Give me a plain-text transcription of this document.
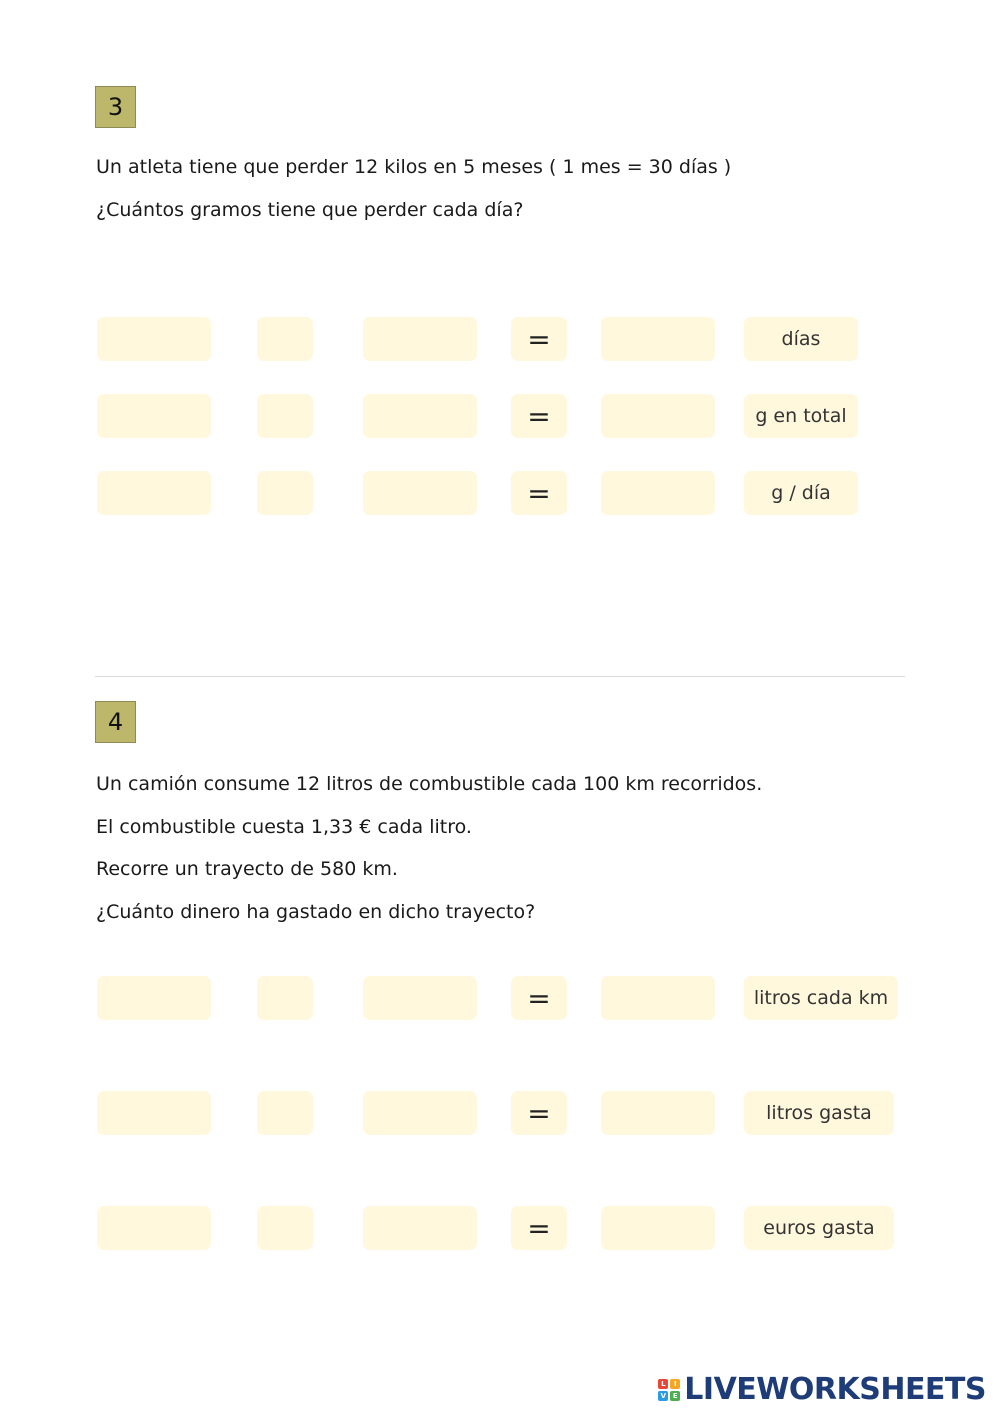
3
Un atleta tiene que perder 12 kilos en 5 meses ( 1 mes = 30 días )
¿Cuántos gramos tiene que perder cada día?
=	días
=	g en total
=	g / día
4
Un camión consume 12 litros de combustible cada 100 km recorridos.
El combustible cuesta 1,33 € cada litro.
Recorre un trayecto de 580 km.
¿Cuánto dinero ha gastado en dicho trayecto?
=	litros cada km
=	litros gasta
=	euros gasta
L	I
V E LIVEWORKSHEETS
